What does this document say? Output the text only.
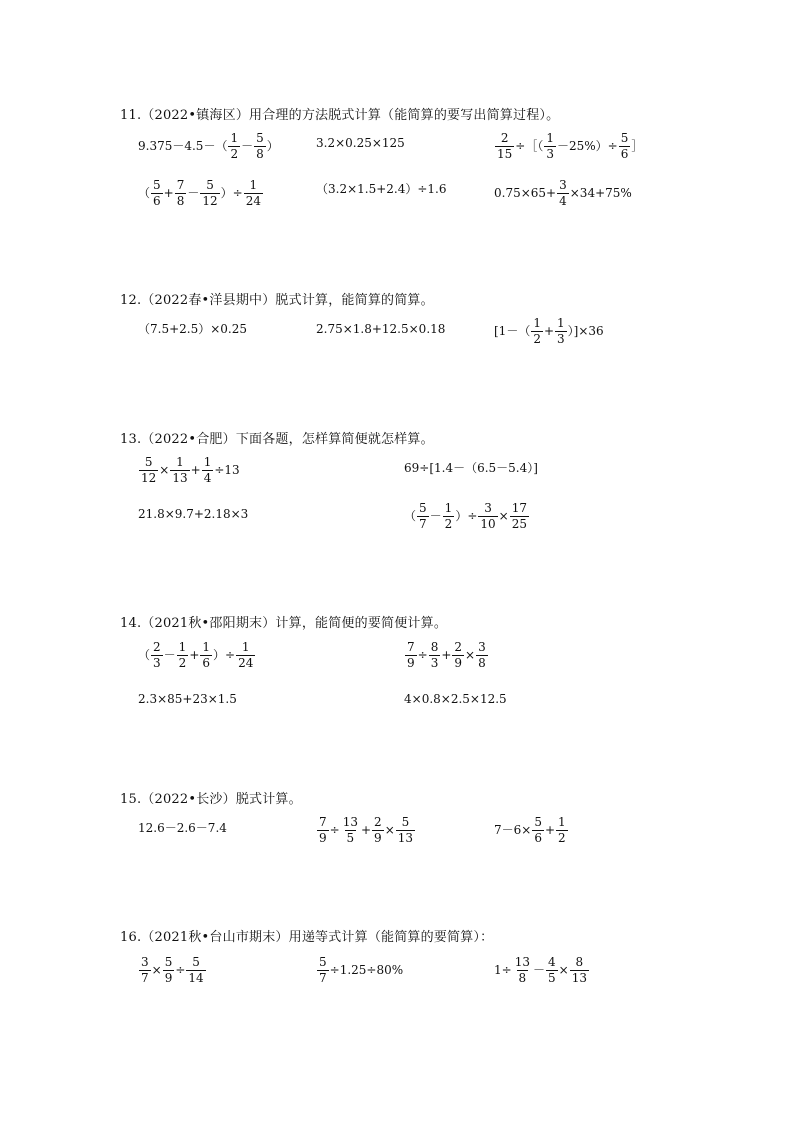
11.（2022•镇海区）用合理的方法脱式计算（能简算的要写出简算过程）。
$9.375-4.5-( \frac{1}{2} - \frac{5}{8}$ ）	3.2×0.25×125	$\frac{2}{15}$ ÷［（ $\frac{1}{3} -25\%)\div \frac{5}{6}$ ］
（ $\frac{5}{6} + \frac{7}{8} - \frac{5}{12}$ ）÷ $\frac{1}{24}$	（3.2×1.5+2.4）÷1.6	$0.75\times 65+ \frac{3}{4} \times 34+75\%$
12.（2022春•洋县期中）脱式计算，能简算的简算。
（7.5+2.5）×0.25	2.75×1.8+12.5×0.18	$[1-( \frac{1}{2} + \frac{1}{3} )]\times 36$
13.（2022•合肥）下面各题，怎样算简便就怎样算。
$\frac{5}{12} \times \frac{1}{13} + \frac{1}{4} \div 13$	69÷[1.4－（6.5－5.4）]
21.8×9.7+2.18×3	（ $\frac{5}{7} - \frac{1}{2}$ ）÷ $\frac{3}{10} \times \frac{17}{25}$
14.（2021秋•邵阳期末）计算，能简便的要简便计算。
（ $\frac{2}{3} - \frac{1}{2} + \frac{1}{6}$ ）÷ $\frac{1}{24}$	$\frac{7}{9} \div \frac{8}{3} + \frac{2}{9} \times \frac{3}{8}$
2.3×85+23×1.5	4×0.8×2.5×12.5
15.（2022•长沙）脱式计算。
12.6－2.6－7.4	$\frac{7}{9} \div \frac{13}{5} + \frac{2}{9} \times \frac{5}{13}$	$7-6\times \frac{5}{6} + \frac{1}{2}$
16.（2021秋•台山市期末）用递等式计算（能简算的要简算）：
$\frac{3}{7} \times \frac{5}{9} \div \frac{5}{14}$	$\frac{5}{7} \div 1.25\div 80\%$	$1\div \frac{13}{8} - \frac{4}{5} \times \frac{8}{13}$
